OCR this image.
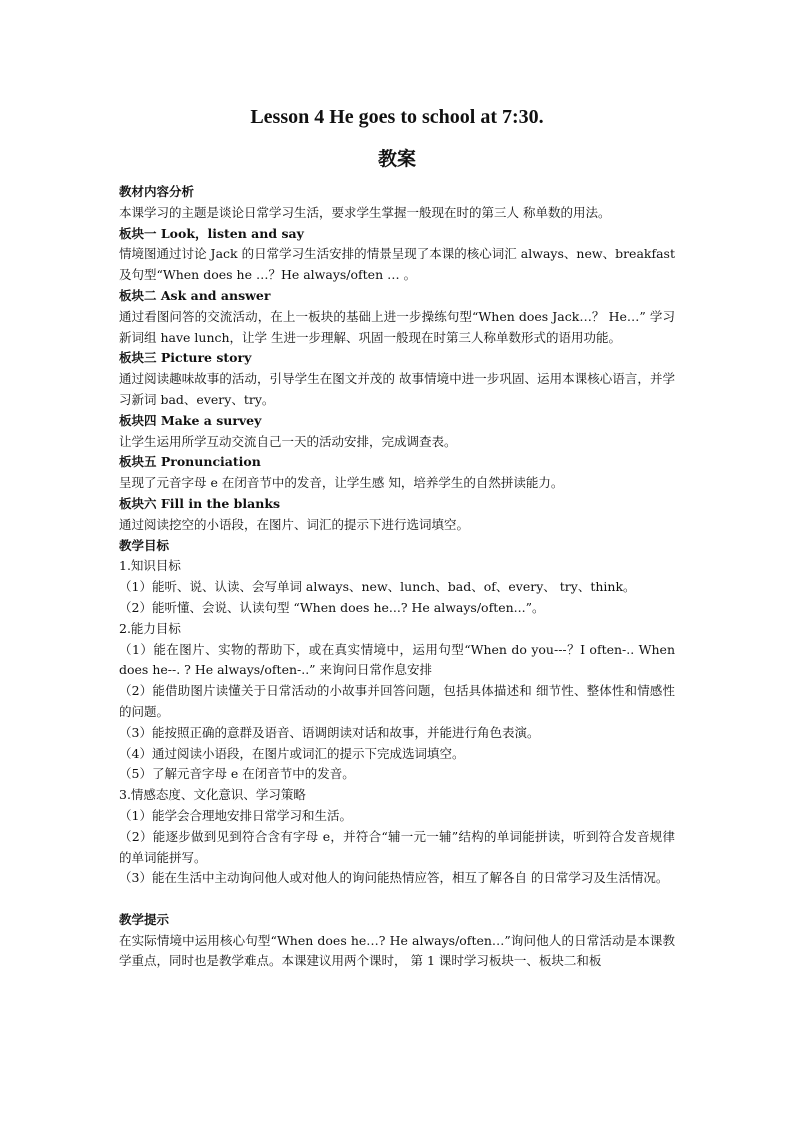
Lesson 4 He goes to school at 7:30.
教案
教材内容分析
本课学习的主题是谈论日常学习生活，要求学生掌握一般现在时的第三人 称单数的用法。
板块一 Look，listen and say
情境图通过讨论 Jack 的日常学习生活安排的情景呈现了本课的核心词汇 always、new、breakfast 及句型“When does he …？He always/often … 。
板块二 Ask and answer
通过看图问答的交流活动，在上一板块的基础上进一步操练句型“When does Jack…？ He…” 学习新词组 have lunch，让学 生进一步理解、巩固一般现在时第三人称单数形式的语用功能。
板块三 Picture story
通过阅读趣味故事的活动，引导学生在图文并茂的 故事情境中进一步巩固、运用本课核心语言，并学习新词 bad、every、try。
板块四 Make a survey
让学生运用所学互动交流自己一天的活动安排，完成调查表。
板块五 Pronunciation
呈现了元音字母 e 在闭音节中的发音，让学生感 知，培养学生的自然拼读能力。
板块六 Fill in the blanks
通过阅读挖空的小语段，在图片、词汇的提示下进行选词填空。
教学目标
1.知识目标
（1）能听、说、认读、会写单词 always、new、lunch、bad、of、every、 try、think。
（2）能听懂、会说、认读句型 “When does he...? He always/often...”。
2.能力目标
（1）能在图片、实物的帮助下，或在真实情境中，运用句型“When do you---？I often-.. When does he--. ? He always/often-..” 来询问日常作息安排
（2）能借助图片读懂关于日常活动的小故事并回答问题，包括具体描述和 细节性、整体性和情感性的问题。
（3）能按照正确的意群及语音、语调朗读对话和故事，并能进行角色表演。
（4）通过阅读小语段，在图片或词汇的提示下完成选词填空。
（5）了解元音字母 e 在闭音节中的发音。
3.情感态度、文化意识、学习策略
（1）能学会合理地安排日常学习和生活。
（2）能逐步做到见到符合含有字母 e，并符合“辅一元一辅”结构的单词能拼读，听到符合发音规律的单词能拼写。
（3）能在生活中主动询问他人或对他人的询问能热情应答，相互了解各自 的日常学习及生活情况。
教学提示
在实际情境中运用核心句型“When does he…? He always/often…”询问他人的日常活动是本课教学重点，同时也是教学难点。本课建议用两个课时， 第 1 课时学习板块一、板块二和板
